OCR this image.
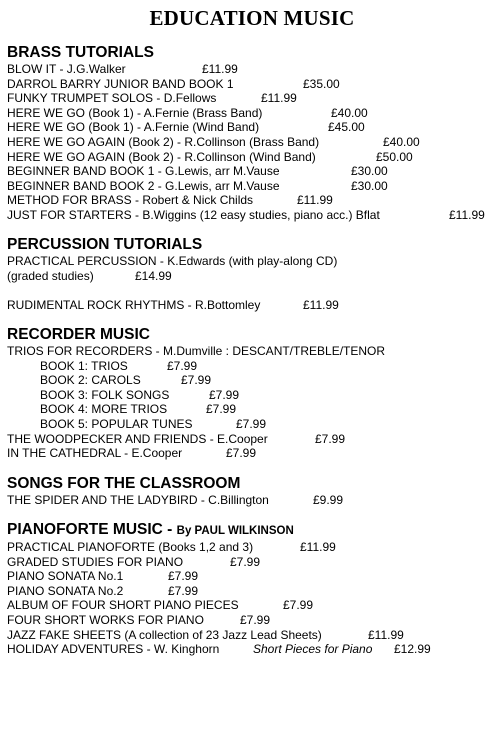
EDUCATION MUSIC
BRASS TUTORIALS
BLOW IT - J.G.Walker	£11.99
DARROL BARRY JUNIOR BAND BOOK 1	£35.00
FUNKY TRUMPET SOLOS - D.Fellows	£11.99
HERE WE GO (Book 1) - A.Fernie (Brass Band)	£40.00
HERE WE GO (Book 1) - A.Fernie (Wind Band)	£45.00
HERE WE GO AGAIN (Book 2) - R.Collinson (Brass Band)	£40.00
HERE WE GO AGAIN (Book 2) - R.Collinson (Wind Band)	£50.00
BEGINNER BAND BOOK 1 - G.Lewis, arr M.Vause	£30.00
BEGINNER BAND BOOK 2 - G.Lewis, arr M.Vause	£30.00
METHOD FOR BRASS - Robert & Nick Childs	£11.99
JUST FOR STARTERS - B.Wiggins (12 easy studies, piano acc.) Bflat	£11.99
PERCUSSION TUTORIALS
PRACTICAL PERCUSSION - K.Edwards (with play-along CD)
(graded studies)	£14.99
RUDIMENTAL ROCK RHYTHMS - R.Bottomley	£11.99
RECORDER MUSIC
TRIOS FOR RECORDERS - M.Dumville : DESCANT/TREBLE/TENOR
BOOK 1: TRIOS	£7.99
BOOK 2: CAROLS	£7.99
BOOK 3: FOLK SONGS	£7.99
BOOK 4: MORE TRIOS	£7.99
BOOK 5: POPULAR TUNES	£7.99
THE WOODPECKER AND FRIENDS - E.Cooper	£7.99
IN THE CATHEDRAL - E.Cooper	£7.99
SONGS FOR THE CLASSROOM
THE SPIDER AND THE LADYBIRD - C.Billington	£9.99
PIANOFORTE MUSIC - By PAUL WILKINSON
PRACTICAL PIANOFORTE (Books 1,2 and 3)	£11.99
GRADED STUDIES FOR PIANO	£7.99
PIANO SONATA No.1	£7.99
PIANO SONATA No.2	£7.99
ALBUM OF FOUR SHORT PIANO PIECES	£7.99
FOUR SHORT WORKS FOR PIANO	£7.99
JAZZ FAKE SHEETS (A collection of 23 Jazz Lead Sheets)	£11.99
HOLIDAY ADVENTURES - W. Kinghorn	Short Pieces for Piano £12.99
